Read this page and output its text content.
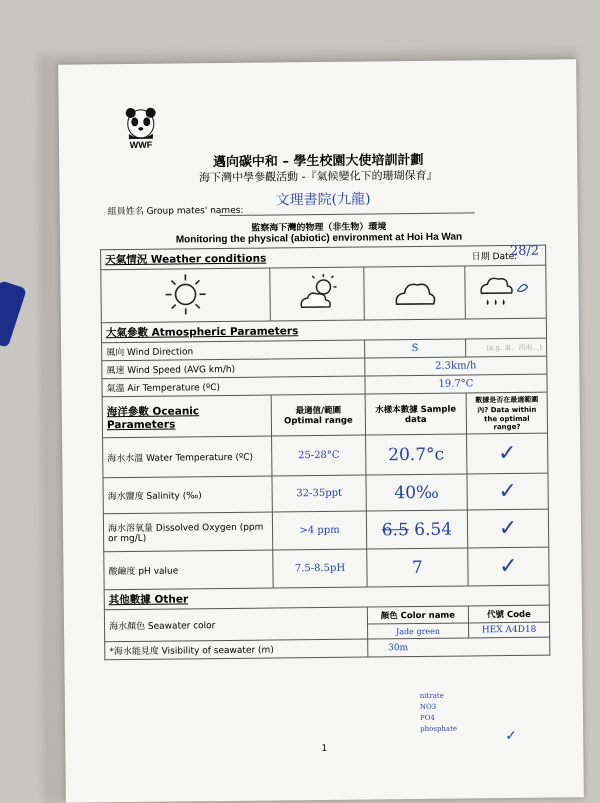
WWF
邁向碳中和 – 學生校園大使培訓計劃
海下灣中學參觀活動 -『氣候變化下的珊瑚保育』
組員姓名 Group mates' names:
文理書院(九龍)
監察海下灣的物理（非生物）環境
Monitoring the physical (abiotic) environment at Hoi Ha Wan
天氣情況 Weather conditions 日期 Date:
28/2			

大氣參數 Atmospheric Parameters			
風向 Wind Direction		S	(e.g. 東、西南…)
風速 Wind Speed (AVG km/h)		2.3km/h	
氣溫 Air Temperature (ºC)		19.7°C	
海洋參數 Oceanic Parameters	最適值/範圍 Optimal range	水樣本數據 Sample data	數據是否在最適範圍內? Data within the optimal range?
海水水溫 Water Temperature (ºC)	25-28°C	20.7°c	✓
海水鹽度 Salinity (‰)	32-35ppt	40‰	✓
海水溶氧量 Dissolved Oxygen (ppm or mg/L)	>4 ppm	6.5 6.54	✓
酸鹼度 pH value	7.5-8.5pH	7	✓
其他數據 Other			
海水顏色 Seawater color		顏色 Color name	代號 Code
		Jade green	HEX A4D18
*海水能見度 Visibility of seawater (m)		30m	
nitrate
NO3
PO4
phosphate	✓
1
